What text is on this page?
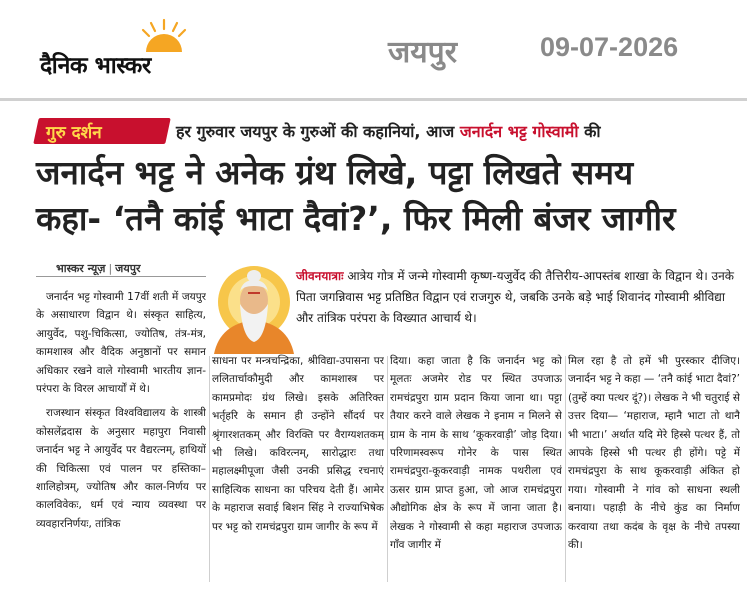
दैनिक भास्कर	जयपुर	09-07-2026
गुरु दर्शन	हर गुरुवार जयपुर के गुरुओं की कहानियां, आज जनार्दन भट्ट गोस्वामी की
जनार्दन भट्ट ने अनेक ग्रंथ लिखे, पट्टा लिखते समय
कहा- ‘तनै कांई भाटा दैवां?’, फिर मिली बंजर जागीर
भास्कर न्यूज़ | जयपुर
जीवनयात्राः आत्रेय गोत्र में जन्मे गोस्वामी कृष्ण-यजुर्वेद की तैत्तिरीय-आपस्तंब शाखा के विद्वान थे। उनके पिता जगन्निवास भट्ट प्रतिष्ठित विद्वान एवं राजगुरु थे, जबकि उनके बड़े भाई शिवानंद गोस्वामी श्रीविद्या और तांत्रिक परंपरा के विख्यात आचार्य थे।

जनार्दन भट्ट गोस्वामी 17वीं शती में जयपुर के असाधारण विद्वान थे। संस्कृत साहित्य, आयुर्वेद, पशु-चिकित्सा, ज्योतिष, तंत्र-मंत्र, कामशास्त्र और वैदिक अनुष्ठानों पर समान अधिकार रखने वाले गोस्वामी भारतीय ज्ञान-परंपरा के विरल आचार्यों में थे।

राजस्थान संस्कृत विश्वविद्यालय के शास्त्री कोसलेंद्रदास के अनुसार महापुरा निवासी जनार्दन भट्ट ने आयुर्वेद पर वैद्यरत्नम्, हाथियों की चिकित्सा एवं पालन पर हस्तिका–शालिहोत्रम्, ज्योतिष और काल-निर्णय पर कालविवेकः, धर्म एवं न्याय व्यवस्था पर व्यवहारनिर्णयः, तांत्रिक

साधना पर मन्त्रचन्द्रिका, श्रीविद्या-उपासना पर ललितार्चाकौमुदी और कामशास्त्र पर कामप्रमोदः ग्रंथ लिखे। इसके अतिरिक्त भर्तृहरि के समान ही उन्होंने सौंदर्य पर श्रृंगारशतकम् और विरक्ति पर वैराग्यशतकम् भी लिखे। कविरत्नम्, सारोद्धारः तथा महालक्ष्मीपूजा जैसी उनकी प्रसिद्ध रचनाएं साहित्यिक साधना का परिचय देती हैं। आमेर के महाराज सवाई बिशन सिंह ने राज्याभिषेक पर भट्ट को रामचंद्रपुरा ग्राम जागीर के रूप में
दिया। कहा जाता है कि जनार्दन भट्ट को मूलतः अजमेर रोड पर स्थित उपजाऊ रामचंद्रपुरा ग्राम प्रदान किया जाना था। पट्टा तैयार करने वाले लेखक ने इनाम न मिलने से ग्राम के नाम के साथ ‘कूकरवाड़ी’ जोड़ दिया। परिणामस्वरूप गोनेर के पास स्थित रामचंद्रपुरा-कूकरवाड़ी नामक पथरीला एवं ऊसर ग्राम प्राप्त हुआ, जो आज रामचंद्रपुरा औद्योगिक क्षेत्र के रूप में जाना जाता है। लेखक ने गोस्वामी से कहा महाराज उपजाऊ गाँव जागीर में
मिल रहा है तो हमें भी पुरस्कार दीजिए। जनार्दन भट्ट ने कहा — ‘तनै कांई भाटा दैवां?’ (तुम्हें क्या पत्थर दूं?)। लेखक ने भी चतुराई से उत्तर दिया— ‘महाराज, म्हानै भाटा तो थानै भी भाटा।’ अर्थात यदि मेरे हिस्से पत्थर हैं, तो आपके हिस्से भी पत्थर ही होंगे। पट्टे में रामचंद्रपुरा के साथ कूकरवाड़ी अंकित हो गया। गोस्वामी ने गांव को साधना स्थली बनाया। पहाड़ी के नीचे कुंड का निर्माण करवाया तथा कदंब के वृक्ष के नीचे तपस्या की।
